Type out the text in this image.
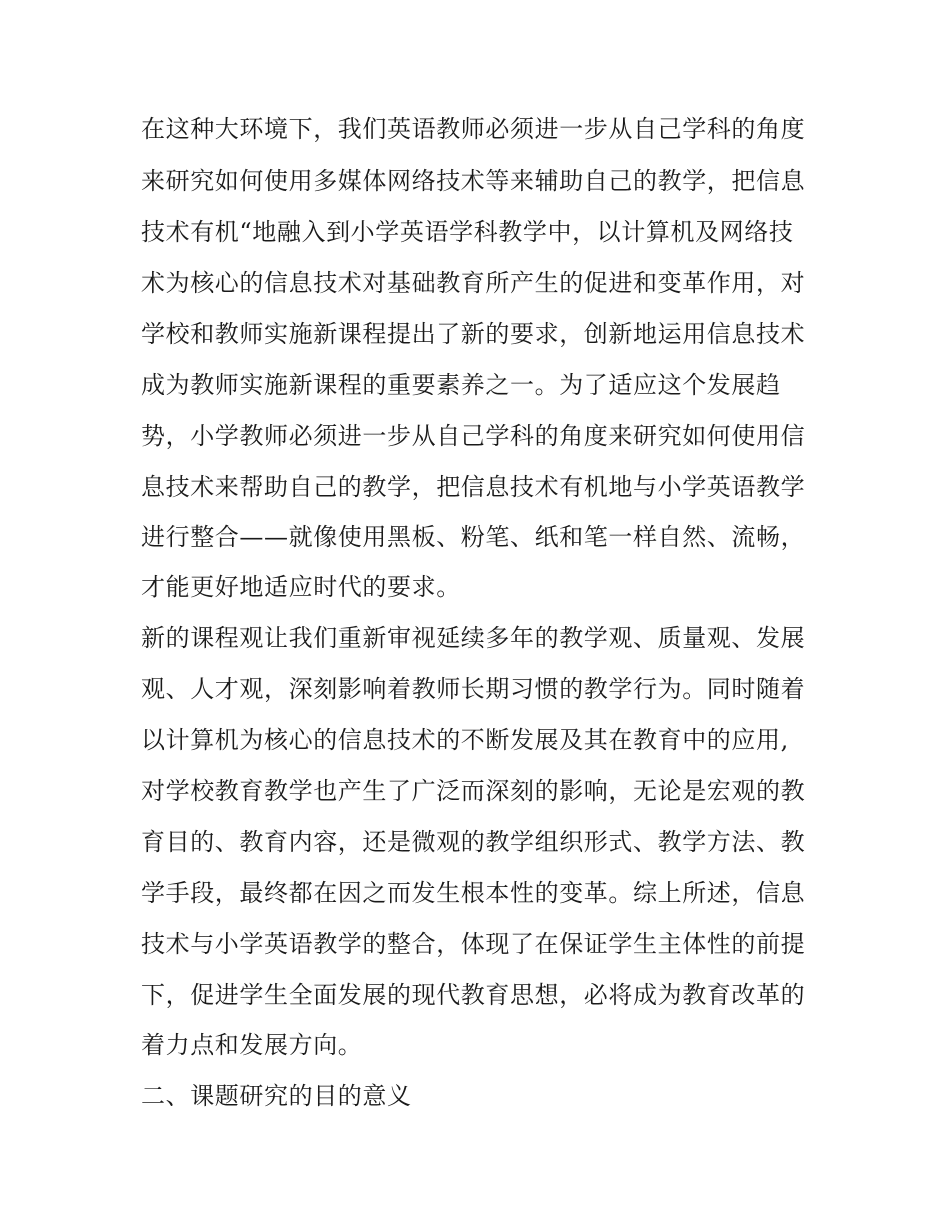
在这种大环境下，我们英语教师必须进一步从自己学科的角度
来研究如何使用多媒体网络技术等来辅助自己的教学，把信息
技术有机“地融入到小学英语学科教学中，以计算机及网络技
术为核心的信息技术对基础教育所产生的促进和变革作用，对
学校和教师实施新课程提出了新的要求，创新地运用信息技术
成为教师实施新课程的重要素养之一。为了适应这个发展趋
势，小学教师必须进一步从自己学科的角度来研究如何使用信
息技术来帮助自己的教学，把信息技术有机地与小学英语教学
进行整合——就像使用黑板、粉笔、纸和笔一样自然、流畅，
才能更好地适应时代的要求。
新的课程观让我们重新审视延续多年的教学观、质量观、发展
观、人才观，深刻影响着教师长期习惯的教学行为。同时随着
以计算机为核心的信息技术的不断发展及其在教育中的应用,
对学校教育教学也产生了广泛而深刻的影响，无论是宏观的教
育目的、教育内容，还是微观的教学组织形式、教学方法、教
学手段，最终都在因之而发生根本性的变革。综上所述，信息
技术与小学英语教学的整合，体现了在保证学生主体性的前提
下，促进学生全面发展的现代教育思想，必将成为教育改革的
着力点和发展方向。
二、课题研究的目的意义
